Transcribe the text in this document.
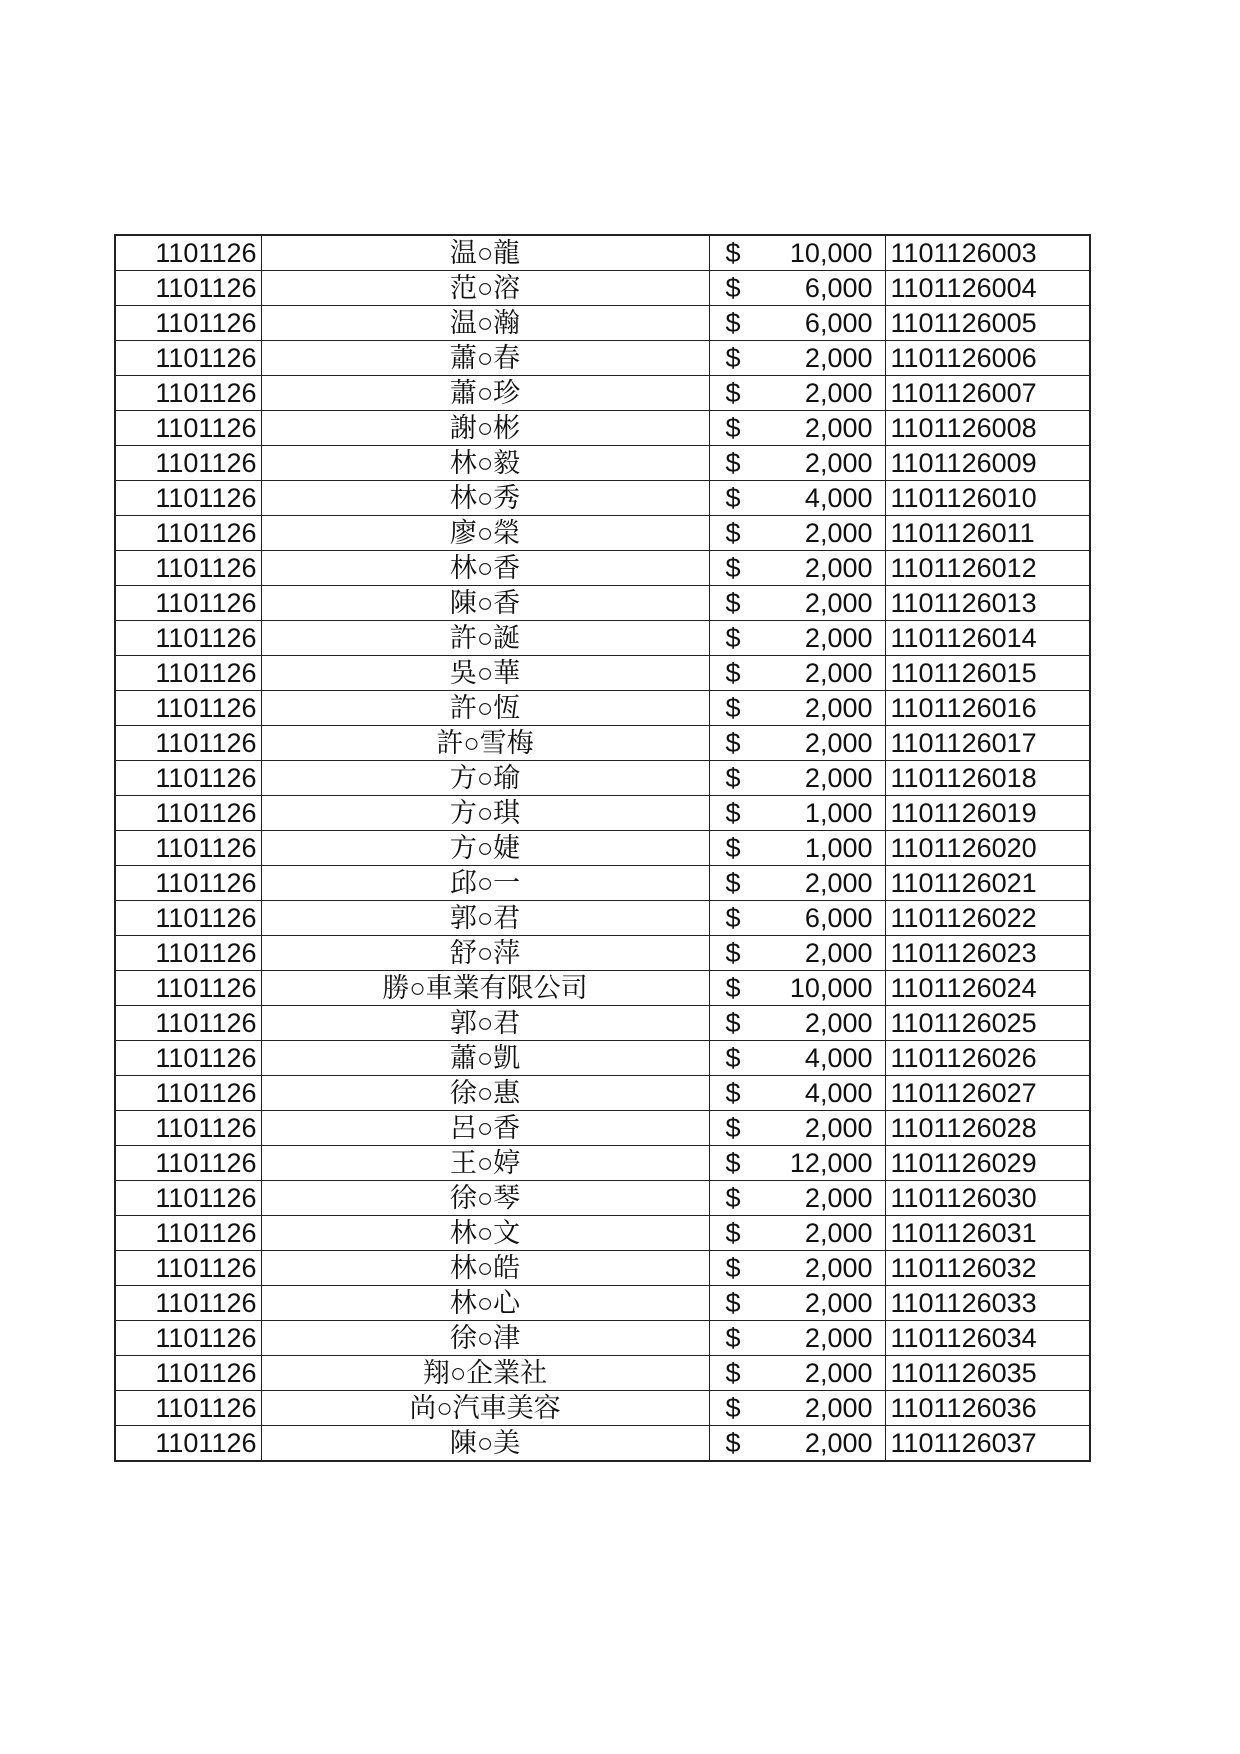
1101126	温○龍	$ 10,000	1101126003
1101126	范○溶	$ 6,000	1101126004
1101126	温○瀚	$ 6,000	1101126005
1101126	蕭○春	$ 2,000	1101126006
1101126	蕭○珍	$ 2,000	1101126007
1101126	謝○彬	$ 2,000	1101126008
1101126	林○毅	$ 2,000	1101126009
1101126	林○秀	$ 4,000	1101126010
1101126	廖○榮	$ 2,000	1101126011
1101126	林○香	$ 2,000	1101126012
1101126	陳○香	$ 2,000	1101126013
1101126	許○誕	$ 2,000	1101126014
1101126	吳○華	$ 2,000	1101126015
1101126	許○恆	$ 2,000	1101126016
1101126	許○雪梅	$ 2,000	1101126017
1101126	方○瑜	$ 2,000	1101126018
1101126	方○琪	$ 1,000	1101126019
1101126	方○婕	$ 1,000	1101126020
1101126	邱○一	$ 2,000	1101126021
1101126	郭○君	$ 6,000	1101126022
1101126	舒○萍	$ 2,000	1101126023
1101126	勝○車業有限公司	$ 10,000	1101126024
1101126	郭○君	$ 2,000	1101126025
1101126	蕭○凱	$ 4,000	1101126026
1101126	徐○惠	$ 4,000	1101126027
1101126	呂○香	$ 2,000	1101126028
1101126	王○婷	$ 12,000	1101126029
1101126	徐○琴	$ 2,000	1101126030
1101126	林○文	$ 2,000	1101126031
1101126	林○皓	$ 2,000	1101126032
1101126	林○心	$ 2,000	1101126033
1101126	徐○津	$ 2,000	1101126034
1101126	翔○企業社	$ 2,000	1101126035
1101126	尚○汽車美容	$ 2,000	1101126036
1101126	陳○美	$ 2,000	1101126037
